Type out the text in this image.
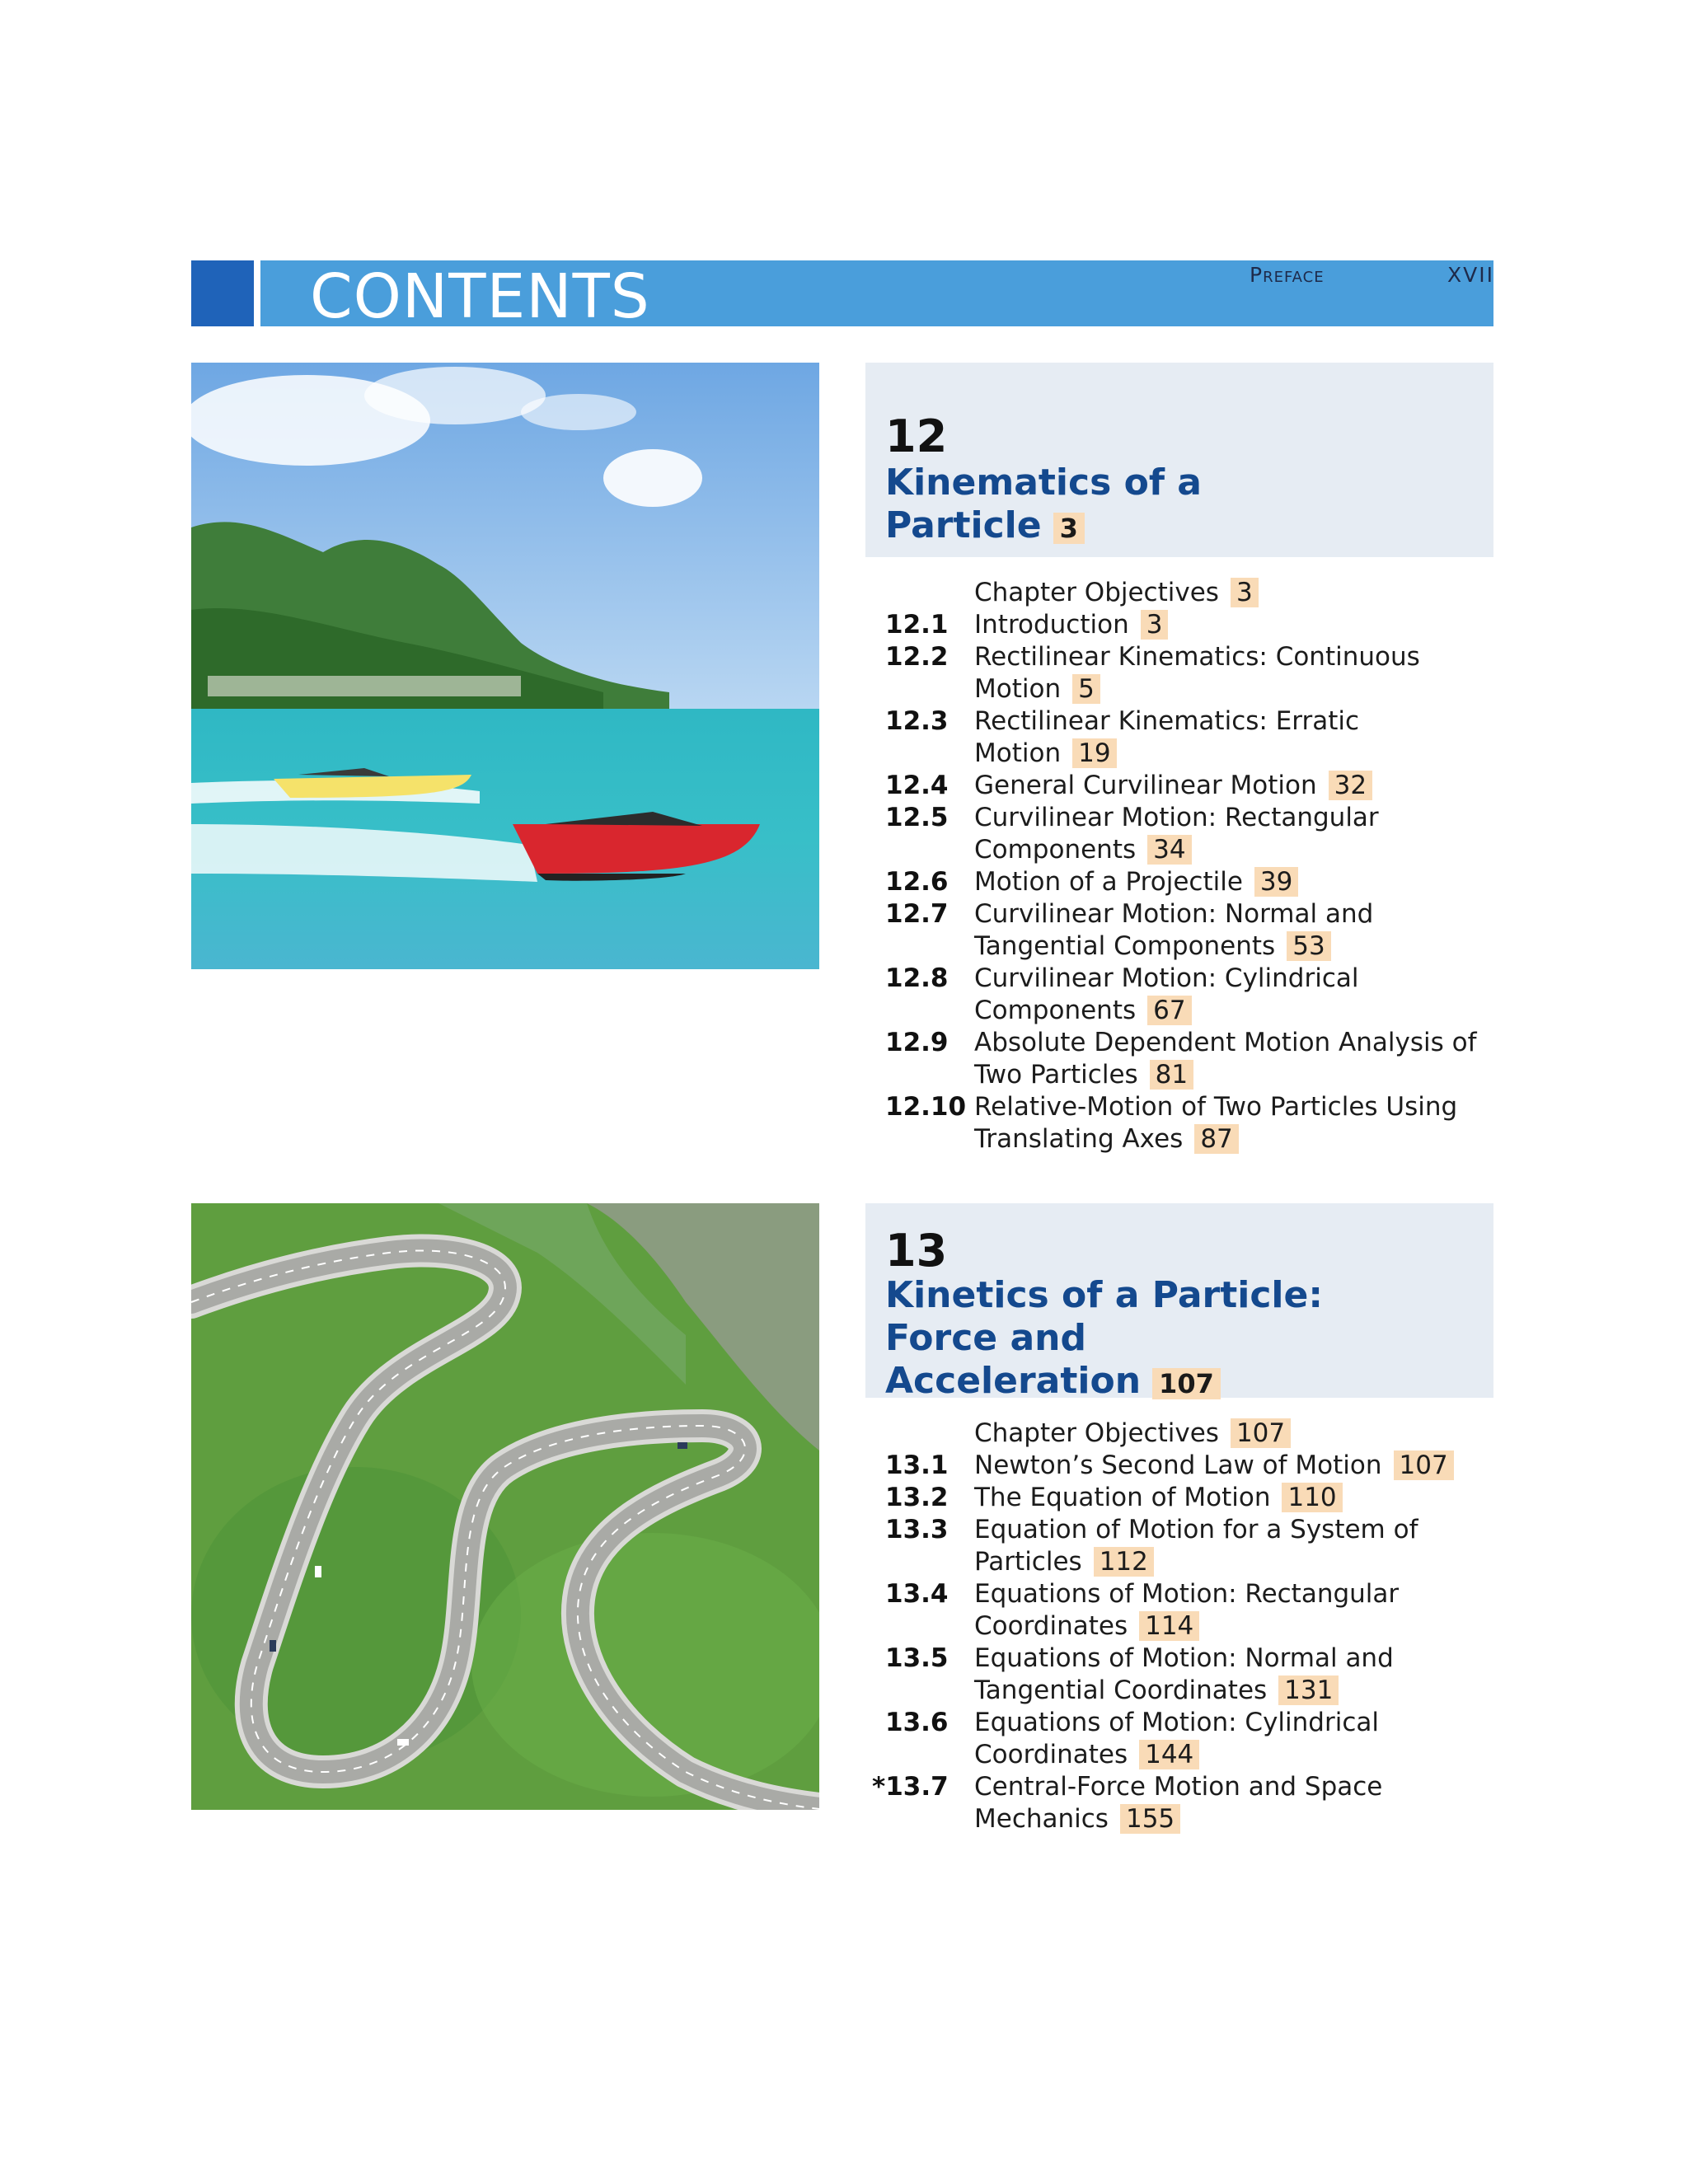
CONTENTS	Preface	XVII
12
Kinematics of a Particle 3
Chapter Objectives 3
12.1 Introduction 3
12.2 Rectilinear Kinematics: Continuous Motion 5
12.3 Rectilinear Kinematics: Erratic Motion 19
12.4 General Curvilinear Motion 32
12.5 Curvilinear Motion: Rectangular Components 34
12.6 Motion of a Projectile 39
12.7 Curvilinear Motion: Normal and Tangential Components 53
12.8 Curvilinear Motion: Cylindrical Components 67
12.9 Absolute Dependent Motion Analysis of Two Particles 81
12.10 Relative-Motion of Two Particles Using Translating Axes 87
13
Kinetics of a Particle: Force and Acceleration 107
Chapter Objectives 107
13.1 Newton’s Second Law of Motion 107
13.2 The Equation of Motion 110
13.3 Equation of Motion for a System of Particles 112
13.4 Equations of Motion: Rectangular Coordinates 114
13.5 Equations of Motion: Normal and Tangential Coordinates 131
13.6 Equations of Motion: Cylindrical Coordinates 144
*13.7 Central-Force Motion and Space Mechanics 155
